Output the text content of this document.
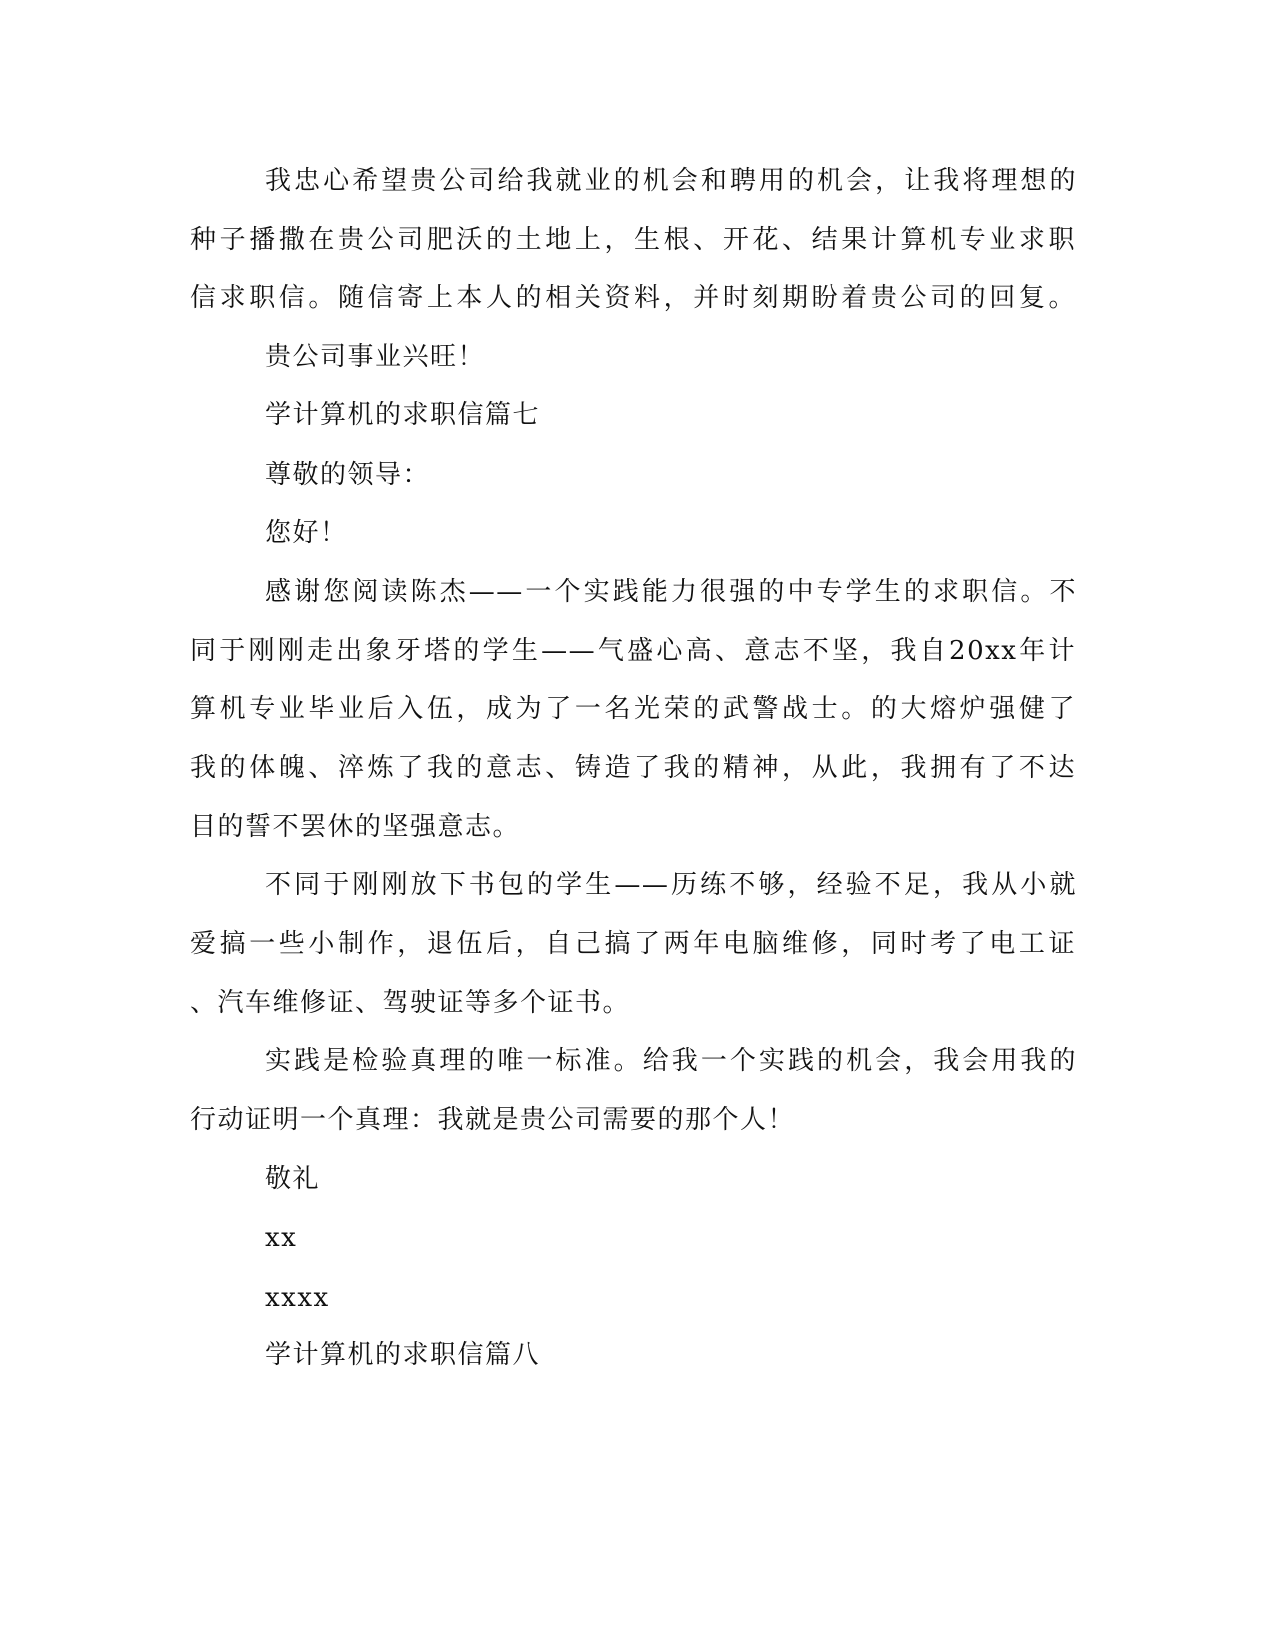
我忠心希望贵公司给我就业的机会和聘用的机会，让我将理想的
种子播撒在贵公司肥沃的土地上，生根、开花、结果计算机专业求职
信求职信。随信寄上本人的相关资料，并时刻期盼着贵公司的回复。
贵公司事业兴旺！
学计算机的求职信篇七
尊敬的领导：
您好！
感谢您阅读陈杰——一个实践能力很强的中专学生的求职信。不
同于刚刚走出象牙塔的学生——气盛心高、意志不坚，我自20xx年计
算机专业毕业后入伍，成为了一名光荣的武警战士。的大熔炉强健了
我的体魄、淬炼了我的意志、铸造了我的精神，从此，我拥有了不达
目的誓不罢休的坚强意志。
不同于刚刚放下书包的学生——历练不够，经验不足，我从小就
爱搞一些小制作，退伍后，自己搞了两年电脑维修，同时考了电工证
、汽车维修证、驾驶证等多个证书。
实践是检验真理的唯一标准。给我一个实践的机会，我会用我的
行动证明一个真理：我就是贵公司需要的那个人！
敬礼
xx
xxxx
学计算机的求职信篇八
